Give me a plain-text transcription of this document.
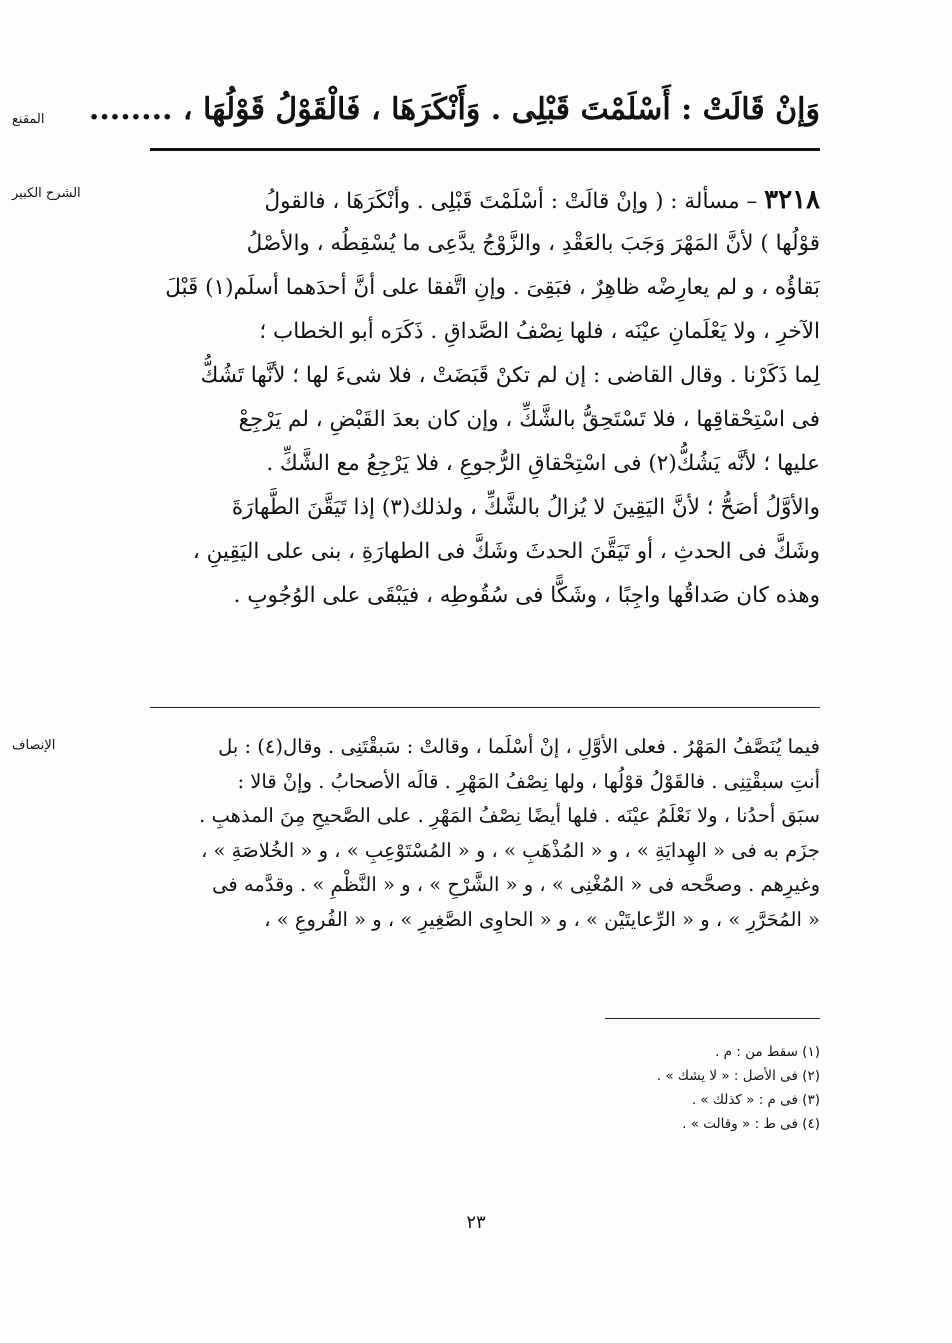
المقنع	وَإنْ قَالَتْ : أَسْلَمْتَ قَبْلِى . وَأَنْكَرَهَا ، فَالْقَوْلُ قَوْلُهَا ، ........
الشرح الكبير	٣٢١٨ – مسألة : ( وإنْ قالَتْ : أسْلَمْتَ قَبْلِى . وأنْكَرَهَا ، فالقولُ
قوْلُها ) لأنَّ المَهْرَ وَجَبَ بالعَقْدِ ، والزَّوْجُ يدَّعِى ما يُسْقِطُه ، والأصْلُ
بَقاؤُه ، و لم يعارِضْه ظاهِرٌ ، فبَقِىَ . وإنِ اتَّفقا على أنَّ أحدَهما أسلَم(١) قَبْلَ
الآخرِ ، ولا يَعْلَمانِ عيْنَه ، فلها نِصْفُ الصَّداقِ . ذَكَرَه أبو الخطاب ؛
لِما ذَكَرْنا . وقال القاضى : إن لم تكنْ قَبَضَتْ ، فلا شىءَ لها ؛ لأنَّها تَشُكُّ
فى اسْتِحْقاقِها ، فلا تَسْتَحِقُّ بالشَّكِّ ، وإن كان بعدَ القَبْضِ ، لم يَرْجِعْ
عليها ؛ لأنَّه يَشُكُّ(٢) فى اسْتِحْقاقِ الرُّجوعِ ، فلا يَرْجِعُ مع الشَّكِّ .
والأوَّلُ أصَحُّ ؛ لأنَّ اليَقِينَ لا يُزالُ بالشَّكِّ ، ولذلك(٣) إذا تَيَقَّنَ الطَّهارَةَ
وشَكَّ فى الحدثِ ، أو تَيَقَّنَ الحدثَ وشَكَّ فى الطهارَةِ ، بنى على اليَقِينِ ،
وهذه كان صَداقُها واجِبًا ، وشَكًّا فى سُقُوطِه ، فيَبْقَى على الوُجُوبِ .
الإنصاف	فيما يُنَصَّفُ المَهْرُ . فعلى الأوَّلِ ، إنْ أسْلَما ، وقالتْ : سَبقْتَنِى . وقال(٤) : بل
أنتِ سبقْتِنِى . فالقَوْلُ قوْلُها ، ولها نِصْفُ المَهْرِ . قالَه الأصحابُ . وإنْ قالا :
سبَق أحدُنا ، ولا نَعْلَمُ عيْنَه . فلها أيضًا نِصْفُ المَهْرِ . على الصَّحيحِ مِنَ المذهبِ .
جزَم به فى « الهِدايَةِ » ، و « المُذْهَبِ » ، و « المُسْتَوْعِبِ » ، و « الخُلاصَةِ » ،
وغيرِهم . وصحَّحه فى « المُغْنِى » ، و « الشَّرْحِ » ، و « النَّظْمِ » . وقدَّمه فى
« المُحَرَّرِ » ، و « الرِّعايتَيْن » ، و « الحاوِى الصَّغِيرِ » ، و « الفُروعِ » ،
(١) سقط من : م .
(٢) فى الأصل : « لا يشك » .
(٣) فى م : « كذلك » .
(٤) فى ط : « وقالت » .
٢٣
